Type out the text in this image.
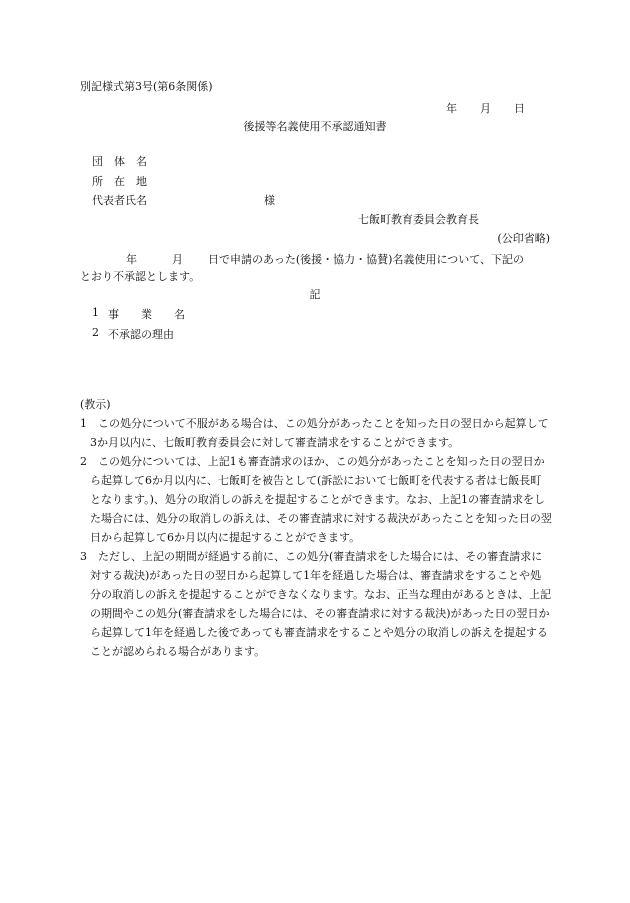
別記様式第3号(第6条関係)
年	月	日
後援等名義使用不承認通知書
団　体　名
所　在　地
代表者氏名	様
七飯町教育委員会教育長
(公印省略)
年	月	日で申請のあった(後援・協力・協賛)名義使用について、下記の
とおり不承認とします。
記
1 事　　業　　名
2 不承認の理由
(教示)
1　この処分について不服がある場合は、この処分があったことを知った日の翌日から起算して3か月以内に、七飯町教育委員会に対して審査請求をすることができます。
2　この処分については、上記1も審査請求のほか、この処分があったことを知った日の翌日から起算して6か月以内に、七飯町を被告として(訴訟において七飯町を代表する者は七飯長町となります。)、処分の取消しの訴えを提起することができます。なお、上記1の審査請求をした場合には、処分の取消しの訴えは、その審査請求に対する裁決があったことを知った日の翌日から起算して6か月以内に提起することができます。
3　ただし、上記の期間が経過する前に、この処分(審査請求をした場合には、その審査請求に対する裁決)があった日の翌日から起算して1年を経過した場合は、審査請求をすることや処分の取消しの訴えを提起することができなくなります。なお、正当な理由があるときは、上記の期間やこの処分(審査請求をした場合には、その審査請求に対する裁決)があった日の翌日から起算して1年を経過した後であっても審査請求をすることや処分の取消しの訴えを提起することが認められる場合があります。
